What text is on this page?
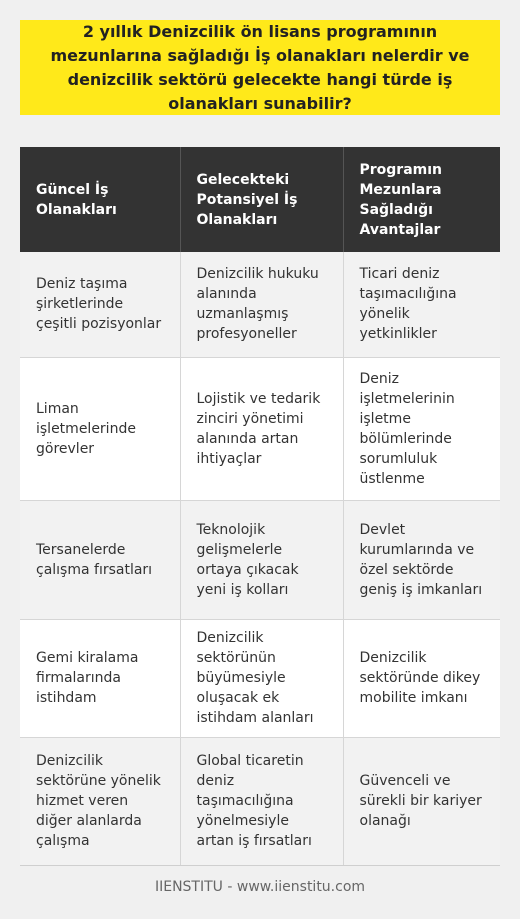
2 yıllık Denizcilik ön lisans programının mezunlarına sağladığı İş olanakları nelerdir ve denizcilik sektörü gelecekte hangi türde iş olanakları sunabilir?

Güncel İş Olanakları	Gelecekteki Potansiyel İş Olanakları	Programın Mezunlara Sağladığı Avantajlar
Deniz taşıma şirketlerinde çeşitli pozisyonlar	Denizcilik hukuku alanında uzmanlaşmış profesyoneller	Ticari deniz taşımacılığına yönelik yetkinlikler
Liman işletmelerinde görevler	Lojistik ve tedarik zinciri yönetimi alanında artan ihtiyaçlar	Deniz işletmelerinin işletme bölümlerinde sorumluluk üstlenme
Tersanelerde çalışma fırsatları	Teknolojik gelişmelerle ortaya çıkacak yeni iş kolları	Devlet kurumlarında ve özel sektörde geniş iş imkanları
Gemi kiralama firmalarında istihdam	Denizcilik sektörünün büyümesiyle oluşacak ek istihdam alanları	Denizcilik sektöründe dikey mobilite imkanı
Denizcilik sektörüne yönelik hizmet veren diğer alanlarda çalışma	Global ticaretin deniz taşımacılığına yönelmesiyle artan iş fırsatları	Güvenceli ve sürekli bir kariyer olanağı
IIENSTITU - www.iienstitu.com
